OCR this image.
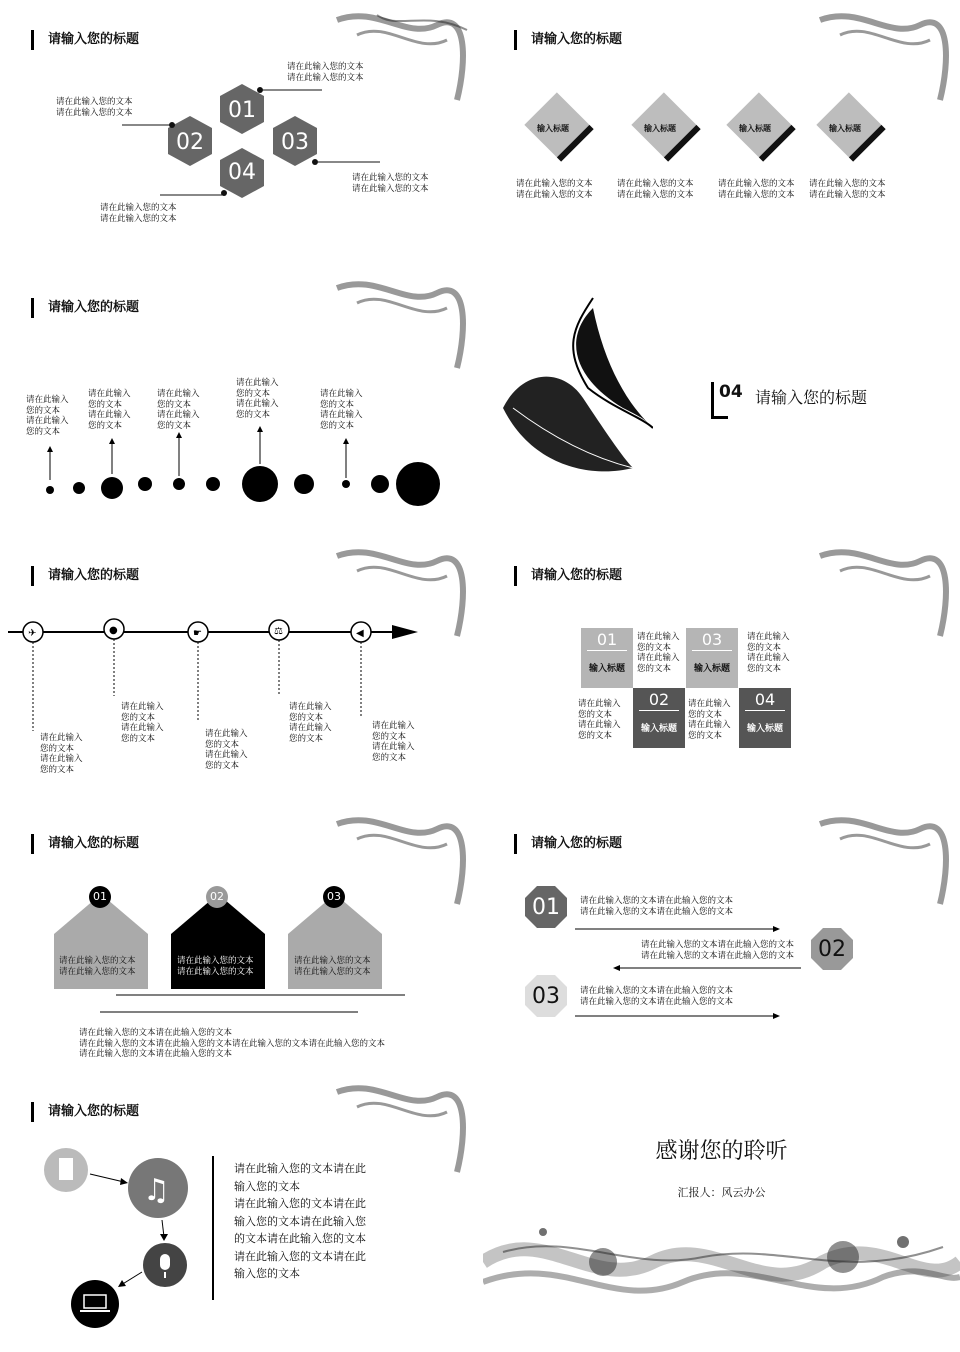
请输入您的标题
01
02	03
04
请在此输入您的文本
请在此输入您的文本
请在此输入您的文本
请在此输入您的文本
请在此输入您的文本
请在此输入您的文本
请在此输入您的文本
请在此输入您的文本
请输入您的标题
输入标题	输入标题	输入标题	输入标题
请在此输入您的文本
请在此输入您的文本
请在此输入您的文本
请在此输入您的文本
请在此输入您的文本
请在此输入您的文本
请在此输入您的文本
请在此输入您的文本
请输入您的标题
请在此输入
您的文本
请在此输入
您的文本
请在此输入
您的文本
请在此输入
您的文本
请在此输入
您的文本
请在此输入
您的文本
请在此输入
您的文本
请在此输入
您的文本
请在此输入
您的文本
请在此输入
您的文本
04 请输入您的标题
请输入您的标题
✈	●	☛	⚖	◀
请在此输入
您的文本
请在此输入
您的文本
请在此输入
您的文本
请在此输入
您的文本	请在此输入
您的文本
请在此输入
您的文本
请在此输入
您的文本
请在此输入
您的文本
请在此输入
您的文本
请在此输入
您的文本
请输入您的标题
01
输入标题
02
输入标题
03
输入标题
04
输入标题
请在此输入
您的文本
请在此输入
您的文本
请在此输入
您的文本
请在此输入
您的文本
请在此输入
您的文本
请在此输入
您的文本
请在此输入
您的文本
请在此输入
您的文本
请输入您的标题
01	02	03
请在此输入您的文本
请在此输入您的文本
请在此输入您的文本
请在此输入您的文本
请在此输入您的文本
请在此输入您的文本
请在此输入您的文本请在此输入您的文本
请在此输入您的文本请在此输入您的文本请在此输入您的文本请在此输入您的文本
请在此输入您的文本请在此输入您的文本
请输入您的标题
01
02
03
请在此输入您的文本请在此输入您的文本
请在此输入您的文本请在此输入您的文本
请在此输入您的文本请在此输入您的文本
请在此输入您的文本请在此输入您的文本
请在此输入您的文本请在此输入您的文本
请在此输入您的文本请在此输入您的文本
请输入您的标题
♫
请在此输入您的文本请在此
输入您的文本
请在此输入您的文本请在此
输入您的文本请在此输入您
的文本请在此输入您的文本
请在此输入您的文本请在此
输入您的文本
感谢您的聆听
汇报人：风云办公
